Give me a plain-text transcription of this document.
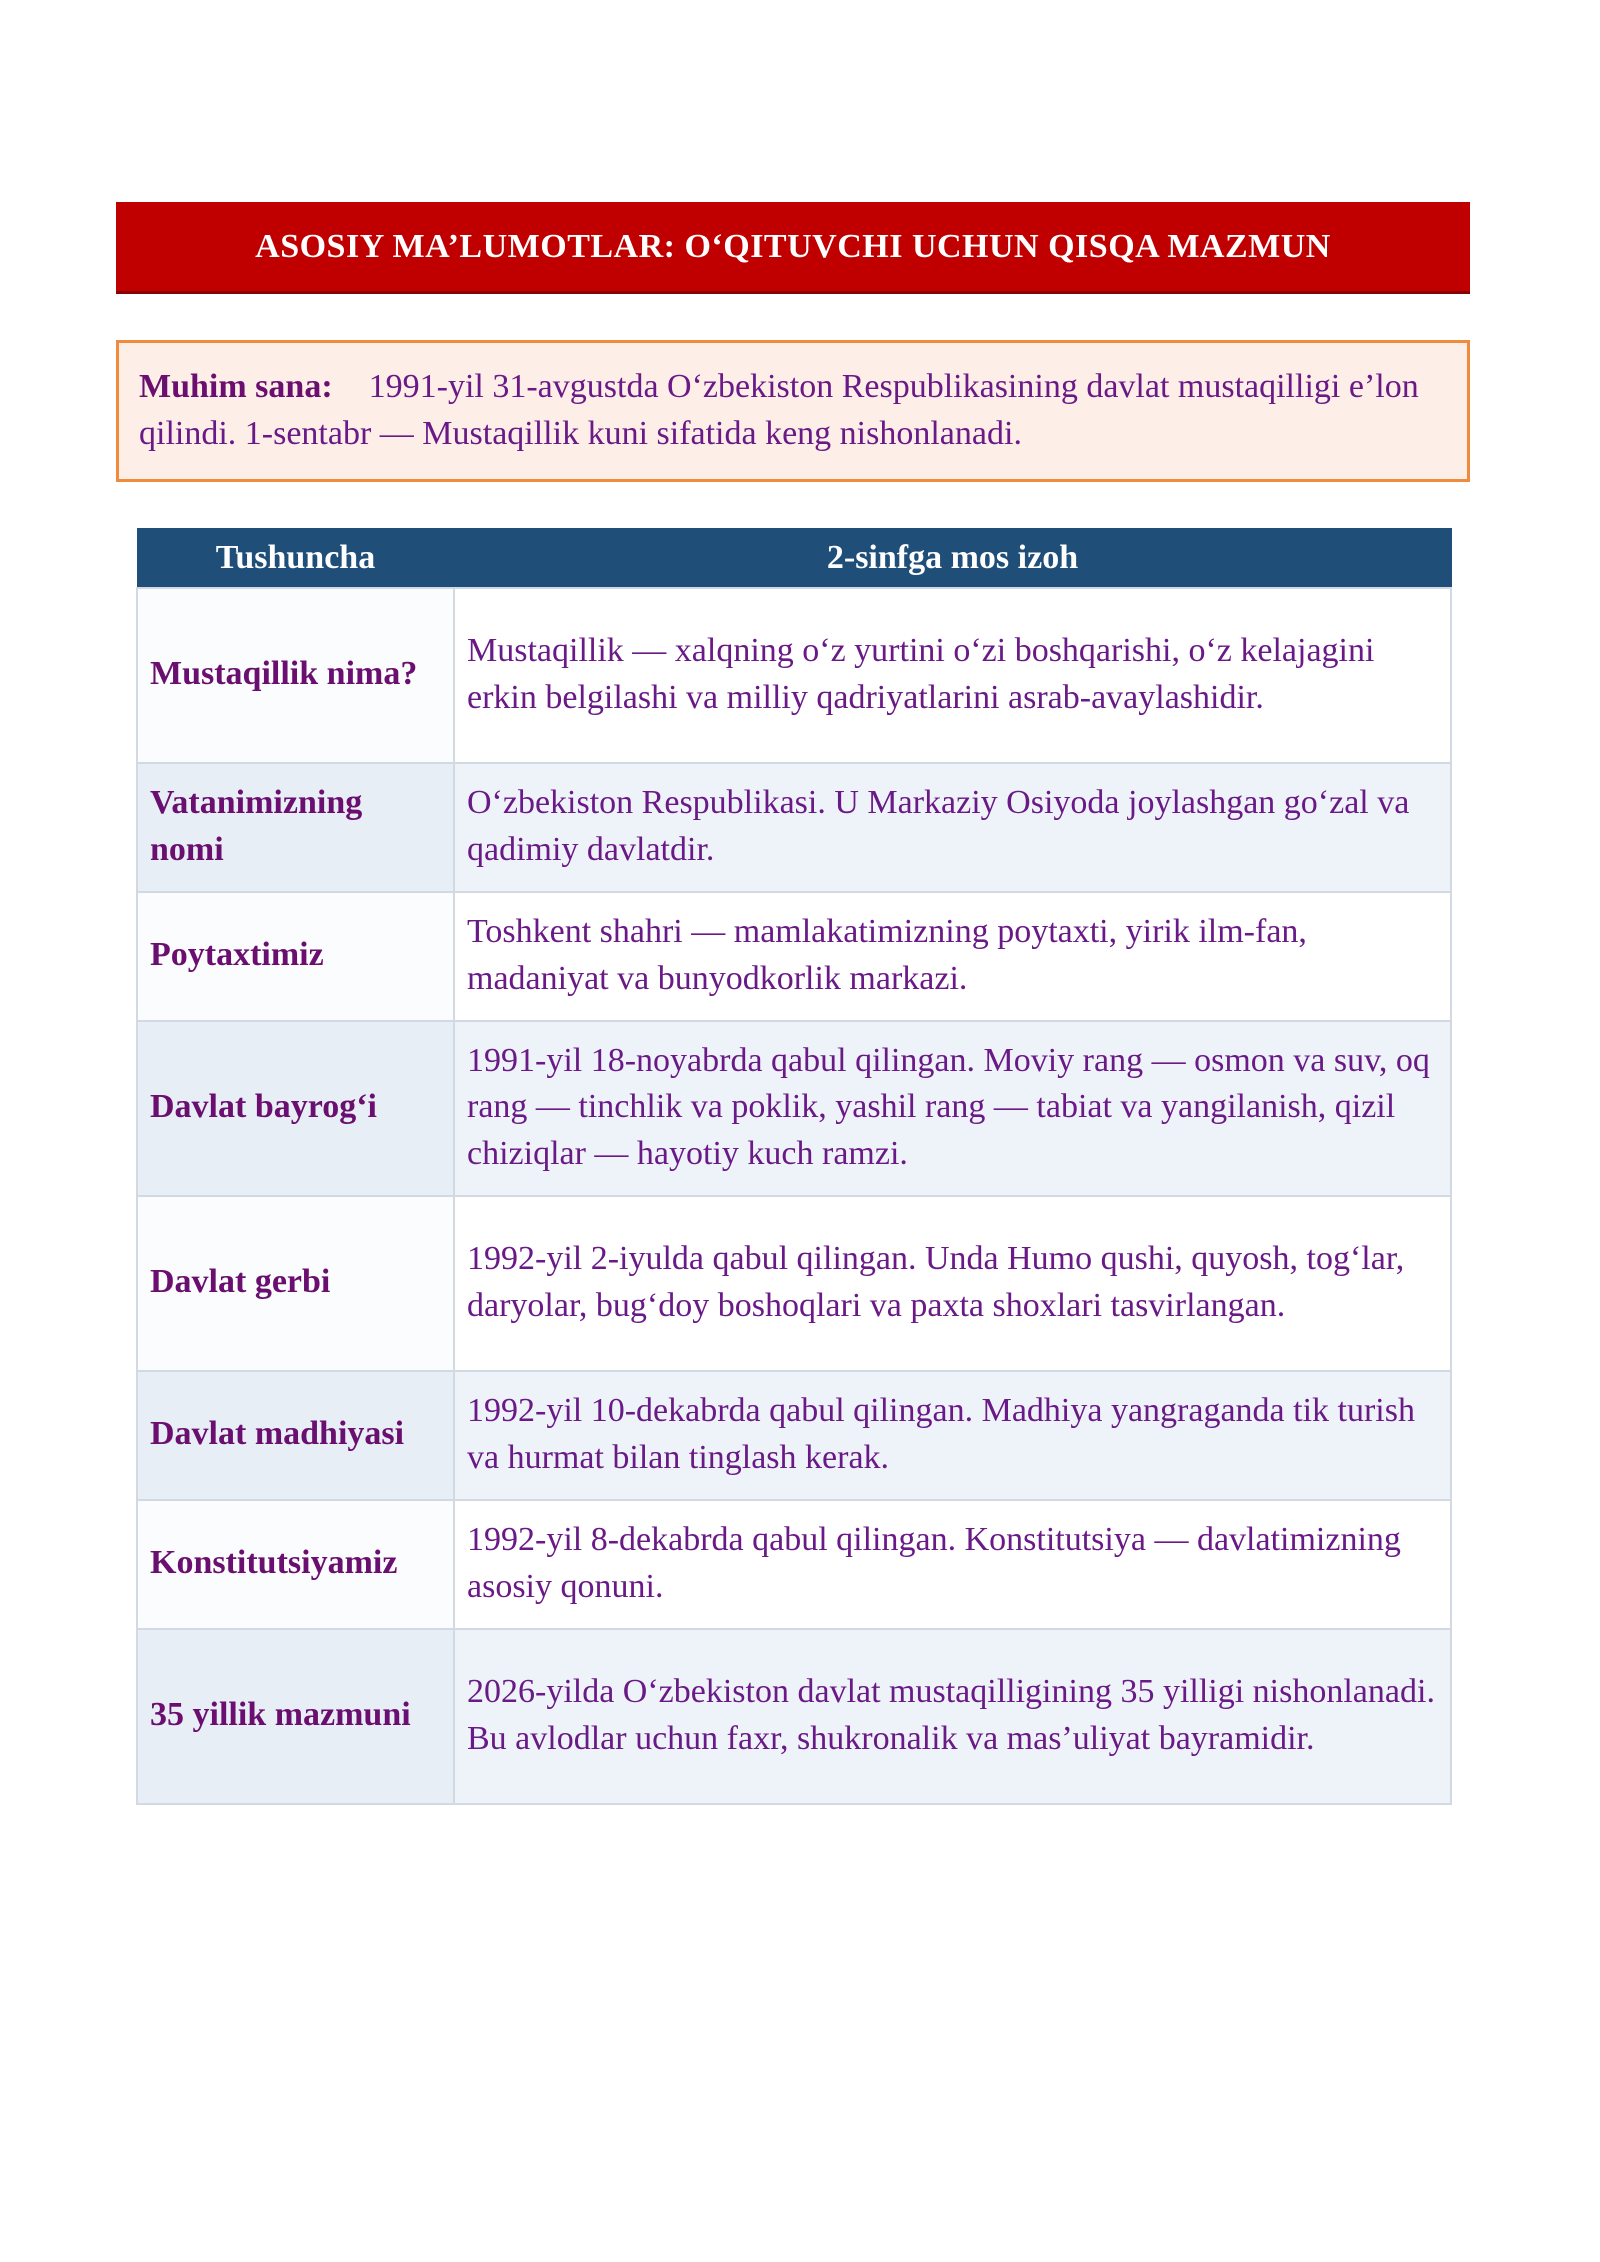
ASOSIY MA’LUMOTLAR: O‘QITUVCHI UCHUN QISQA MAZMUN
Muhim sana: 1991-yil 31-avgustda O‘zbekiston Respublikasining davlat mustaqilligi e’lon qilindi. 1-sentabr — Mustaqillik kuni sifatida keng nishonlanadi.
Tushuncha	2-sinfga mos izoh
Mustaqillik nima?	Mustaqillik — xalqning o‘z yurtini o‘zi boshqarishi, o‘z kelajagini erkin belgilashi va milliy qadriyatlarini asrab-avaylashidir.
Vatanimizning nomi	O‘zbekiston Respublikasi. U Markaziy Osiyoda joylashgan go‘zal va qadimiy davlatdir.
Poytaxtimiz	Toshkent shahri — mamlakatimizning poytaxti, yirik ilm-fan, madaniyat va bunyodkorlik markazi.
Davlat bayrog‘i	1991-yil 18-noyabrda qabul qilingan. Moviy rang — osmon va suv, oq rang — tinchlik va poklik, yashil rang — tabiat va yangilanish, qizil chiziqlar — hayotiy kuch ramzi.
Davlat gerbi	1992-yil 2-iyulda qabul qilingan. Unda Humo qushi, quyosh, tog‘lar, daryolar, bug‘doy boshoqlari va paxta shoxlari tasvirlangan.
Davlat madhiyasi	1992-yil 10-dekabrda qabul qilingan. Madhiya yangraganda tik turish va hurmat bilan tinglash kerak.
Konstitutsiyamiz	1992-yil 8-dekabrda qabul qilingan. Konstitutsiya — davlatimizning asosiy qonuni.
35 yillik mazmuni	2026-yilda O‘zbekiston davlat mustaqilligining 35 yilligi nishonlanadi. Bu avlodlar uchun faxr, shukronalik va mas’uliyat bayramidir.
